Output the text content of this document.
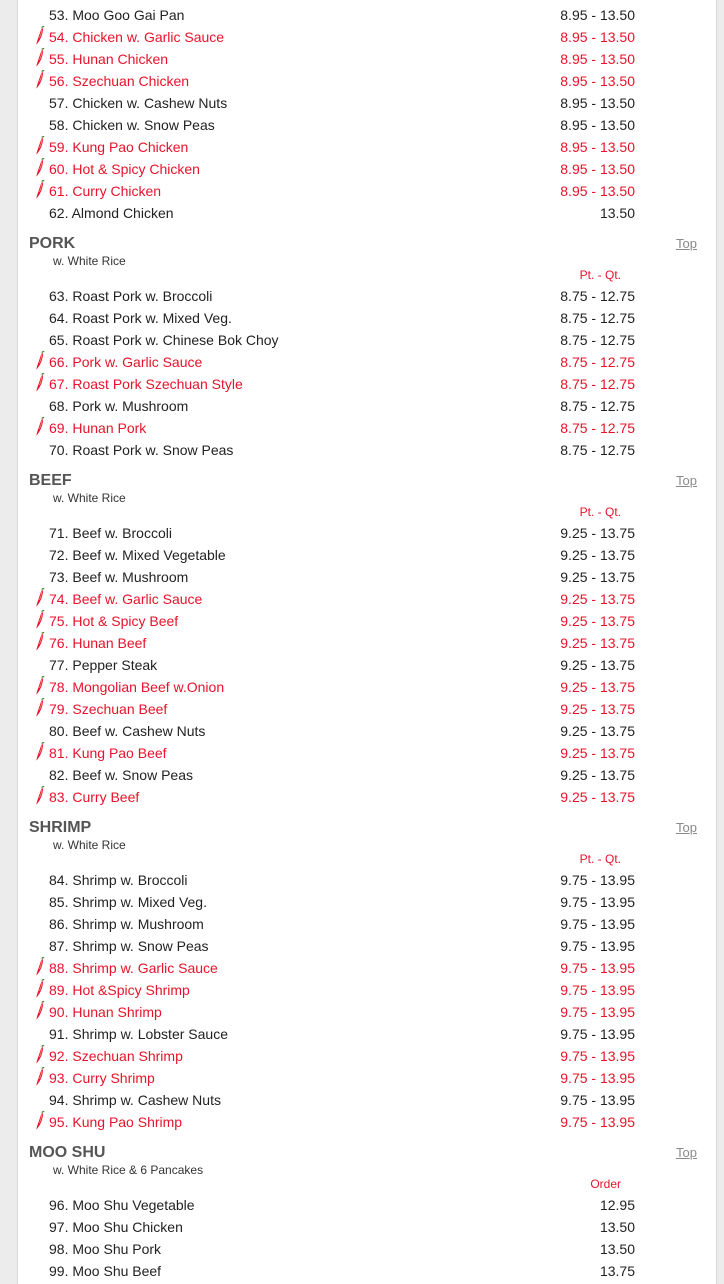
53. Moo Goo Gai Pan	8.95 - 13.50
54. Chicken w. Garlic Sauce	8.95 - 13.50
55. Hunan Chicken	8.95 - 13.50
56. Szechuan Chicken	8.95 - 13.50
57. Chicken w. Cashew Nuts	8.95 - 13.50
58. Chicken w. Snow Peas	8.95 - 13.50
59. Kung Pao Chicken	8.95 - 13.50
60. Hot & Spicy Chicken	8.95 - 13.50
61. Curry Chicken	8.95 - 13.50
62. Almond Chicken	13.50
PORK	Top
w. White Rice
Pt. - Qt.
63. Roast Pork w. Broccoli	8.75 - 12.75
64. Roast Pork w. Mixed Veg.	8.75 - 12.75
65. Roast Pork w. Chinese Bok Choy	8.75 - 12.75
66. Pork w. Garlic Sauce	8.75 - 12.75
67. Roast Pork Szechuan Style	8.75 - 12.75
68. Pork w. Mushroom	8.75 - 12.75
69. Hunan Pork	8.75 - 12.75
70. Roast Pork w. Snow Peas	8.75 - 12.75
BEEF	Top
w. White Rice
Pt. - Qt.
71. Beef w. Broccoli	9.25 - 13.75
72. Beef w. Mixed Vegetable	9.25 - 13.75
73. Beef w. Mushroom	9.25 - 13.75
74. Beef w. Garlic Sauce	9.25 - 13.75
75. Hot & Spicy Beef	9.25 - 13.75
76. Hunan Beef	9.25 - 13.75
77. Pepper Steak	9.25 - 13.75
78. Mongolian Beef w.Onion	9.25 - 13.75
79. Szechuan Beef	9.25 - 13.75
80. Beef w. Cashew Nuts	9.25 - 13.75
81. Kung Pao Beef	9.25 - 13.75
82. Beef w. Snow Peas	9.25 - 13.75
83. Curry Beef	9.25 - 13.75
SHRIMP	Top
w. White Rice
Pt. - Qt.
84. Shrimp w. Broccoli	9.75 - 13.95
85. Shrimp w. Mixed Veg.	9.75 - 13.95
86. Shrimp w. Mushroom	9.75 - 13.95
87. Shrimp w. Snow Peas	9.75 - 13.95
88. Shrimp w. Garlic Sauce	9.75 - 13.95
89. Hot &Spicy Shrimp	9.75 - 13.95
90. Hunan Shrimp	9.75 - 13.95
91. Shrimp w. Lobster Sauce	9.75 - 13.95
92. Szechuan Shrimp	9.75 - 13.95
93. Curry Shrimp	9.75 - 13.95
94. Shrimp w. Cashew Nuts	9.75 - 13.95
95. Kung Pao Shrimp	9.75 - 13.95
MOO SHU	Top
w. White Rice & 6 Pancakes
Order
96. Moo Shu Vegetable	12.95
97. Moo Shu Chicken	13.50
98. Moo Shu Pork	13.50
99. Moo Shu Beef	13.75
